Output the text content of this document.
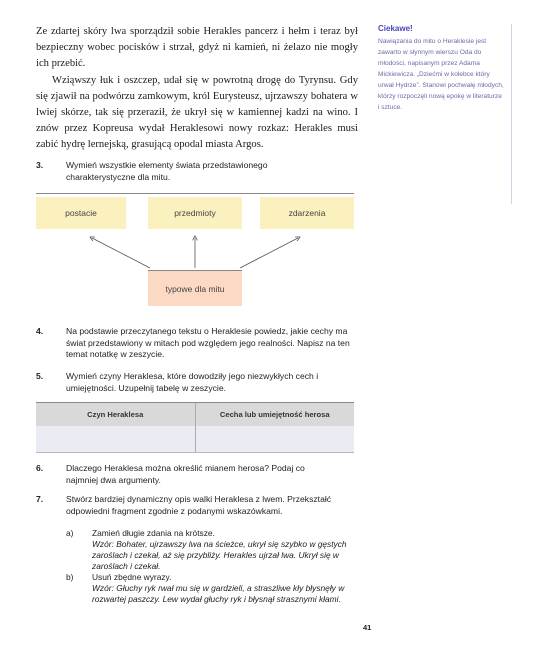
Ze zdartej skóry lwa sporządził sobie Herakles pancerz i hełm i teraz był bezpieczny wobec pocisków i strzał, gdyż ni kamień, ni żelazo nie mogły ich przebić.

Wziąwszy łuk i oszczep, udał się w powrotną drogę do Tyrynsu. Gdy się zjawił na podwórzu zamkowym, król Eurysteusz, ujrzawszy bohatera w lwiej skórze, tak się przeraził, że ukrył się w kamiennej kadzi na wino. I znów przez Kopreusa wydał Heraklesowi nowy rozkaz: Herakles musi zabić hydrę lernejską, grasującą opodal miasta Argos.

Ciekawe!
Nawiązania do mitu o Heraklesie jest zawarto w słynnym wierszu Oda do młodości, napisanym przez Adama Mickiewicza. „Dziećmi w kolebce który urwał Hydrze”. Stanowi pochwałę młodych, którzy rozpoczęli nową epokę w literaturze i sztuce.
3.	Wymień wszystkie elementy świata przedstawionego charakterystyczne dla mitu.
postacie	przedmioty	zdarzenia
typowe dla mitu
4.	Na podstawie przeczytanego tekstu o Heraklesie powiedz, jakie cechy ma świat przedstawiony w mitach pod względem jego realności. Napisz na ten temat notatkę w zeszycie.
5.	Wymień czyny Heraklesa, które dowodziły jego niezwykłych cech i umiejętności. Uzupełnij tabelę w zeszycie.
Czyn Heraklesa	Cecha lub umiejętność herosa
6.	Dlaczego Heraklesa można określić mianem herosa? Podaj co najmniej dwa argumenty.
7.	Stwórz bardziej dynamiczny opis walki Heraklesa z lwem. Przekształć odpowiedni fragment zgodnie z podanymi wskazówkami.
a) Zamień długie zdania na krótsze.
Wzór: Bohater, ujrzawszy lwa na ścieżce, ukrył się szybko w gęstych zaroślach i czekał, aż się przybliży. Herakles ujrzał lwa. Ukrył się w zaroślach i czekał.
b) Usuń zbędne wyrazy.
Wzór: Głuchy ryk rwał mu się w gardzieli, a straszliwe kły błysnęły w rozwartej paszczy. Lew wydał głuchy ryk i błysnął strasznymi kłami.
41
